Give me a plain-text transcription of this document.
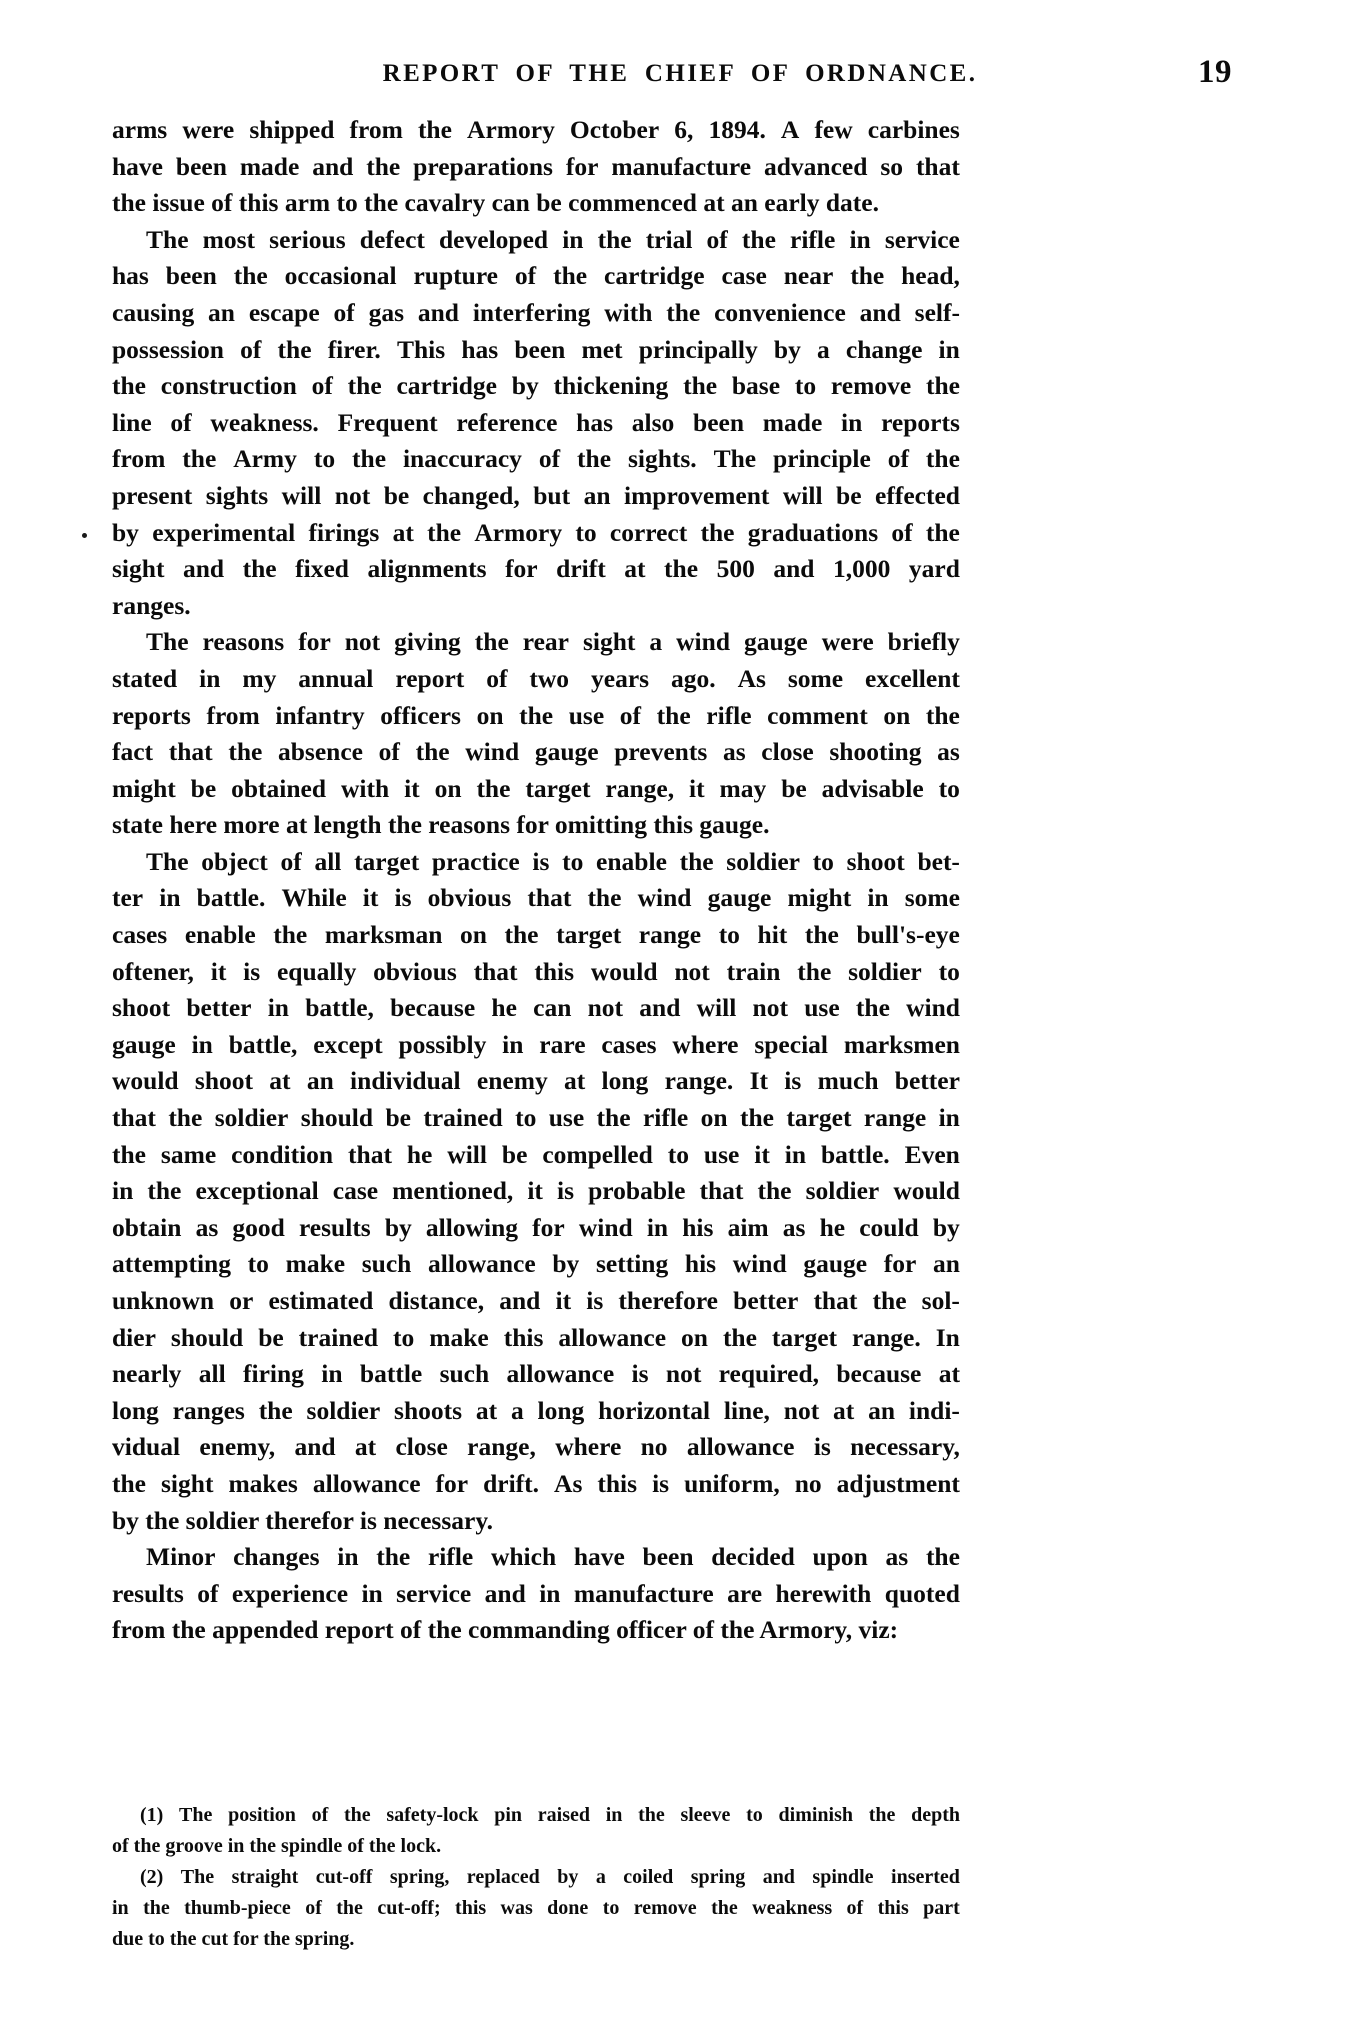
REPORT OF THE CHIEF OF ORDNANCE.	19
arms were shipped from the Armory October 6, 1894. A few carbines
have been made and the preparations for manufacture advanced so that
the issue of this arm to the cavalry can be commenced at an early date.
The most serious defect developed in the trial of the rifle in service
has been the occasional rupture of the cartridge case near the head,
causing an escape of gas and interfering with the convenience and self-
possession of the firer. This has been met principally by a change in
the construction of the cartridge by thickening the base to remove the
line of weakness. Frequent reference has also been made in reports
from the Army to the inaccuracy of the sights. The principle of the
present sights will not be changed, but an improvement will be effected
by experimental firings at the Armory to correct the graduations of the
sight and the fixed alignments for drift at the 500 and 1,000 yard
ranges.
The reasons for not giving the rear sight a wind gauge were briefly
stated in my annual report of two years ago. As some excellent
reports from infantry officers on the use of the rifle comment on the
fact that the absence of the wind gauge prevents as close shooting as
might be obtained with it on the target range, it may be advisable to
state here more at length the reasons for omitting this gauge.
The object of all target practice is to enable the soldier to shoot bet-
ter in battle. While it is obvious that the wind gauge might in some
cases enable the marksman on the target range to hit the bull's-eye
oftener, it is equally obvious that this would not train the soldier to
shoot better in battle, because he can not and will not use the wind
gauge in battle, except possibly in rare cases where special marksmen
would shoot at an individual enemy at long range. It is much better
that the soldier should be trained to use the rifle on the target range in
the same condition that he will be compelled to use it in battle. Even
in the exceptional case mentioned, it is probable that the soldier would
obtain as good results by allowing for wind in his aim as he could by
attempting to make such allowance by setting his wind gauge for an
unknown or estimated distance, and it is therefore better that the sol-
dier should be trained to make this allowance on the target range. In
nearly all firing in battle such allowance is not required, because at
long ranges the soldier shoots at a long horizontal line, not at an indi-
vidual enemy, and at close range, where no allowance is necessary,
the sight makes allowance for drift. As this is uniform, no adjustment
by the soldier therefor is necessary.
Minor changes in the rifle which have been decided upon as the
results of experience in service and in manufacture are herewith quoted
from the appended report of the commanding officer of the Armory, viz:
(1) The position of the safety-lock pin raised in the sleeve to diminish the depth
of the groove in the spindle of the lock.
(2) The straight cut-off spring, replaced by a coiled spring and spindle inserted
in the thumb-piece of the cut-off; this was done to remove the weakness of this part
due to the cut for the spring.
